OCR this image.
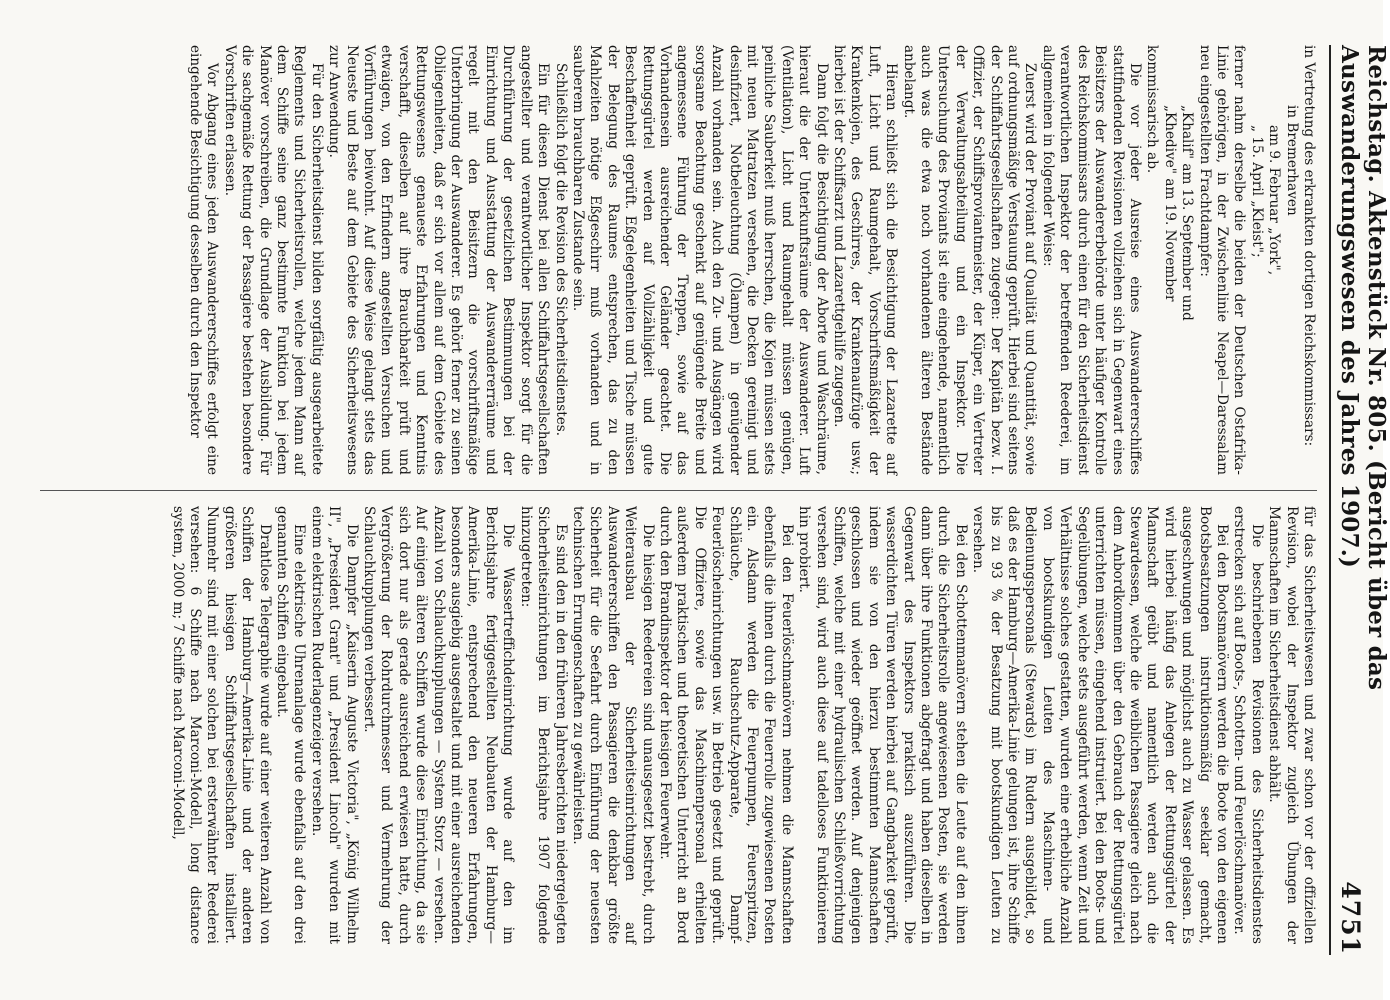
Reichstag. Aktenstück Nr. 805. (Bericht über das Auswanderungswesen des Jahres 1907.)
4751

in Vertretung des erkrankten dortigen Reichskommissars:

in Bremerhaven

am 9. Februar „York",

„ 15. April „Kleist";

ferner nahm derselbe die beiden der Deutschen Ostafrika-Linie gehörigen, in der Zwischenlinie Neapel—Daressalam neu eingestellten Frachtdampfer:

„Khalif" am 13. September und

„Khedive" am 19. November

kommissarisch ab.

Die vor jeder Ausreise eines Auswandererschiffes stattfindenden Revisionen vollziehen sich in Gegenwart eines Beisitzers der Auswandererbehörde unter häufiger Kontrolle des Reichskommissars durch einen für den Sicherheitsdienst verantwortlichen Inspektor der betreffenden Reederei, im allgemeinen in folgender Weise:

Zuerst wird der Proviant auf Qualität und Quantität, sowie auf ordnungsmäßige Verstauung geprüft. Hierbei sind seitens der Schiffahrtsgesellschaften zugegen: Der Kapitän bezw. I. Offizier, der Schiffsproviantmeister, der Küper, ein Vertreter der Verwaltungsabteilung und ein Inspektor. Die Untersuchung des Proviants ist eine eingehende, namentlich auch was die etwa noch vorhandenen älteren Bestände anbelangt.

Hieran schließt sich die Besichtigung der Lazarette auf Luft, Licht und Raumgehalt, Vorschriftsmäßigkeit der Krankenkojen, des Geschirres, der Krankenaufzüge usw.; hierbei ist der Schiffsarzt und Lazarettgehilfe zugegen.

Dann folgt die Besichtigung der Aborte und Waschräume, hieraut die der Unterkunftsräume der Auswanderer. Luft (Ventilation), Licht und Raumgehalt müssen genügen, peinliche Sauberkeit muß herrschen, die Kojen müssen stets mit neuen Matratzen versehen, die Decken gereinigt und desinfiziert, Notbeleuchtung (Ölampen) in genügender Anzahl vorhanden sein. Auch den Zu- und Ausgängen wird sorgsame Beachtung geschenkt auf genügende Breite und angemessene Führung der Treppen, sowie auf das Vorhandensein ausreichender Geländer geachtet. Die Rettungsgürtel werden auf Vollzähligkeit und gute Beschaffenheit geprüft. Eßgelegenheiten und Tische müssen der Belegung des Raumes entsprechen, das zu den Mahlzeiten nötige Eßgeschirr muß vorhanden und in sauberem brauchbaren Zustande sein.

Schließlich folgt die Revision des Sicherheitsdienstes.

Ein für diesen Dienst bei allen Schiffahrtsgesellschaften angestellter und verantwortlicher Inspektor sorgt für die Durchführung der gesetzlichen Bestimmungen bei der Einrichtung und Ausstattung der Auswandererräume und regelt mit den Beisitzern die vorschriftsmäßige Unterbringung der Auswanderer. Es gehört ferner zu seinen Obliegenheiten, daß er sich vor allem auf dem Gebiete des Rettungswesens genaueste Erfahrungen und Kenntnis verschafft, dieselben auf ihre Brauchbarkeit prüft und etwaigen, von den Erfindern angestellten Versuchen und Vorführungen beiwohnt. Auf diese Weise gelangt stets das Neueste und Beste auf dem Gebiete des Sicherheitswesens zur Anwendung.

Für den Sicherheitsdienst bilden sorgfältig ausgearbeitete Reglements und Sicherheitsrollen, welche jedem Mann auf dem Schiffe seine ganz bestimmte Funktion bei jedem Manöver vorschreiben, die Grundlage der Ausbildung. Für die sachgemäße Rettung der Passagiere bestehen besondere Vorschriften erlassen.

Vor Abgang eines jeden Auswandererschiffes erfolgt eine eingehende Besichtigung desselben durch den Inspektor

für das Sicherheitswesen und zwar schon vor der offiziellen Revision, wobei der Inspektor zugleich Übungen der Mannschaften im Sicherheitsdienst abhält.

Die beschriebenen Revisionen des Sicherheitsdienstes erstrecken sich auf Boots-, Schotten- und Feuerlöschmanöver.

Bei den Bootsmanövern werden die Boote von den eigenen Bootsbesatzungen instruktionsmäßig seeklar gemacht, ausgeschwungen und möglichst auch zu Wasser gelassen. Es wird hierbei häufig das Anlegen der Rettungsgürtel der Mannschaft geübt und namentlich werden auch die Stewardessen, welche die weiblichen Passagiere gleich nach dem Anbordkommen über den Gebrauch der Rettungsgürtel unterrichten müssen, eingehend instruiert. Bei den Boots- und Segelübungen, welche stets ausgeführt werden, wenn Zeit und Verhältnisse solches gestatten, wurden eine erhebliche Anzahl von bootskundigen Leuten des Maschinen- und Bedienungspersonals (Stewards) im Rudern ausgebildet, so daß es der Hamburg—Amerika-Linie gelungen ist, ihre Schiffe bis zu 93 % der Besatzung mit bootskundigen Leuten zu versehen.

Bei den Schottenmanövern stehen die Leute auf den ihnen durch die Sicherheitsrolle angewiesenen Posten, sie werden dann über ihre Funktionen abgefragt und haben dieselben in Gegenwart des Inspektors praktisch auszuführen. Die wasserdichten Türen werden hierbei auf Gangbarkeit geprüft, indem sie von den hierzu bestimmten Mannschaften geschlossen und wieder geöffnet werden. Auf denjenigen Schiffen, welche mit einer hydraulischen Schließvorrichtung versehen sind, wird auch diese auf tadelloses Funktionieren hin probiert.

Bei den Feuerlöschmanövern nehmen die Mannschaften ebenfalls die ihnen durch die Feuerrolle zugewiesenen Posten ein. Alsdann werden die Feuerpumpen, Feuerspritzen, Schläuche, Rauchschutz-Apparate, Dampf-Feuerlöscheinrichtungen usw. in Betrieb gesetzt und geprüft. Die Offiziere, sowie das Maschinenpersonal erhielten außerdem praktischen und theoretischen Unterricht an Bord durch den Brandinspektor der hiesigen Feuerwehr.

Die hiesigen Reedereien sind unausgesetzt bestrebt, durch Weiterausbau der Sicherheitseinrichtungen auf Auswandererschiffen den Passagieren die denkbar größte Sicherheit für die Seefahrt durch Einführung der neuesten technischen Errungenschaften zu gewährleisten.

Es sind den in den früheren Jahresberichten niedergelegten Sicherheitseinrichtungen im Berichtsjahre 1907 folgende hinzugetreten:

Die Wassertreffichdeinrichtung wurde auf den im Berichtsjahre fertiggestellten Neubauten der Hamburg—Amerika-Linie, entsprechend den neueren Erfahrungen, besonders ausgiebig ausgestaltet und mit einer ausreichenden Anzahl von Schlauchkupplungen — System Storz — versehen. Auf einigen älteren Schiffen wurde diese Einrichtung, da sie sich dort nur als gerade ausreichend erwiesen hatte, durch Vergrößerung der Rohrdurchmesser und Vermehrung der Schlauchkupplungen verbessert.

Die Dampfer „Kaiserin Auguste Victoria", „König Wilhelm II", „President Grant" und „President Lincoln" wurden mit einem elektrischen Ruderlagenzeiger versehen.

Eine elektrische Uhrenanlage wurde ebenfalls auf den drei genannten Schiffen eingebaut.

Drahtlose Telegraphie wurde auf einer weiteren Anzahl von Schiffen der Hamburg—Amerika-Linie und der anderen größeren hiesigen Schiffahrtsgesellschaften installiert. Nunmehr sind mit einer solchen bei ersterwähnter Reederei versehen: 6 Schiffe nach Marconi-Modell, long distance system, 2000 m; 7 Schiffe nach Marconi-Modell,
